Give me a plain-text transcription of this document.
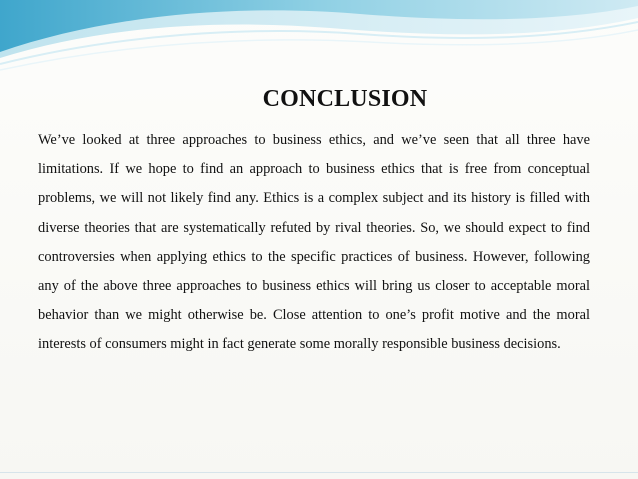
CONCLUSION
We’ve looked at three approaches to business ethics, and we’ve seen that all three have limitations. If we hope to find an approach to business ethics that is free from conceptual problems, we will not likely find any. Ethics is a complex subject and its history is filled with diverse theories that are systematically refuted by rival theories. So, we should expect to find controversies when applying ethics to the specific practices of business. However, following any of the above three approaches to business ethics will bring us closer to acceptable moral behavior than we might otherwise be. Close attention to one’s profit motive and the moral interests of consumers might in fact generate some morally responsible business decisions.
